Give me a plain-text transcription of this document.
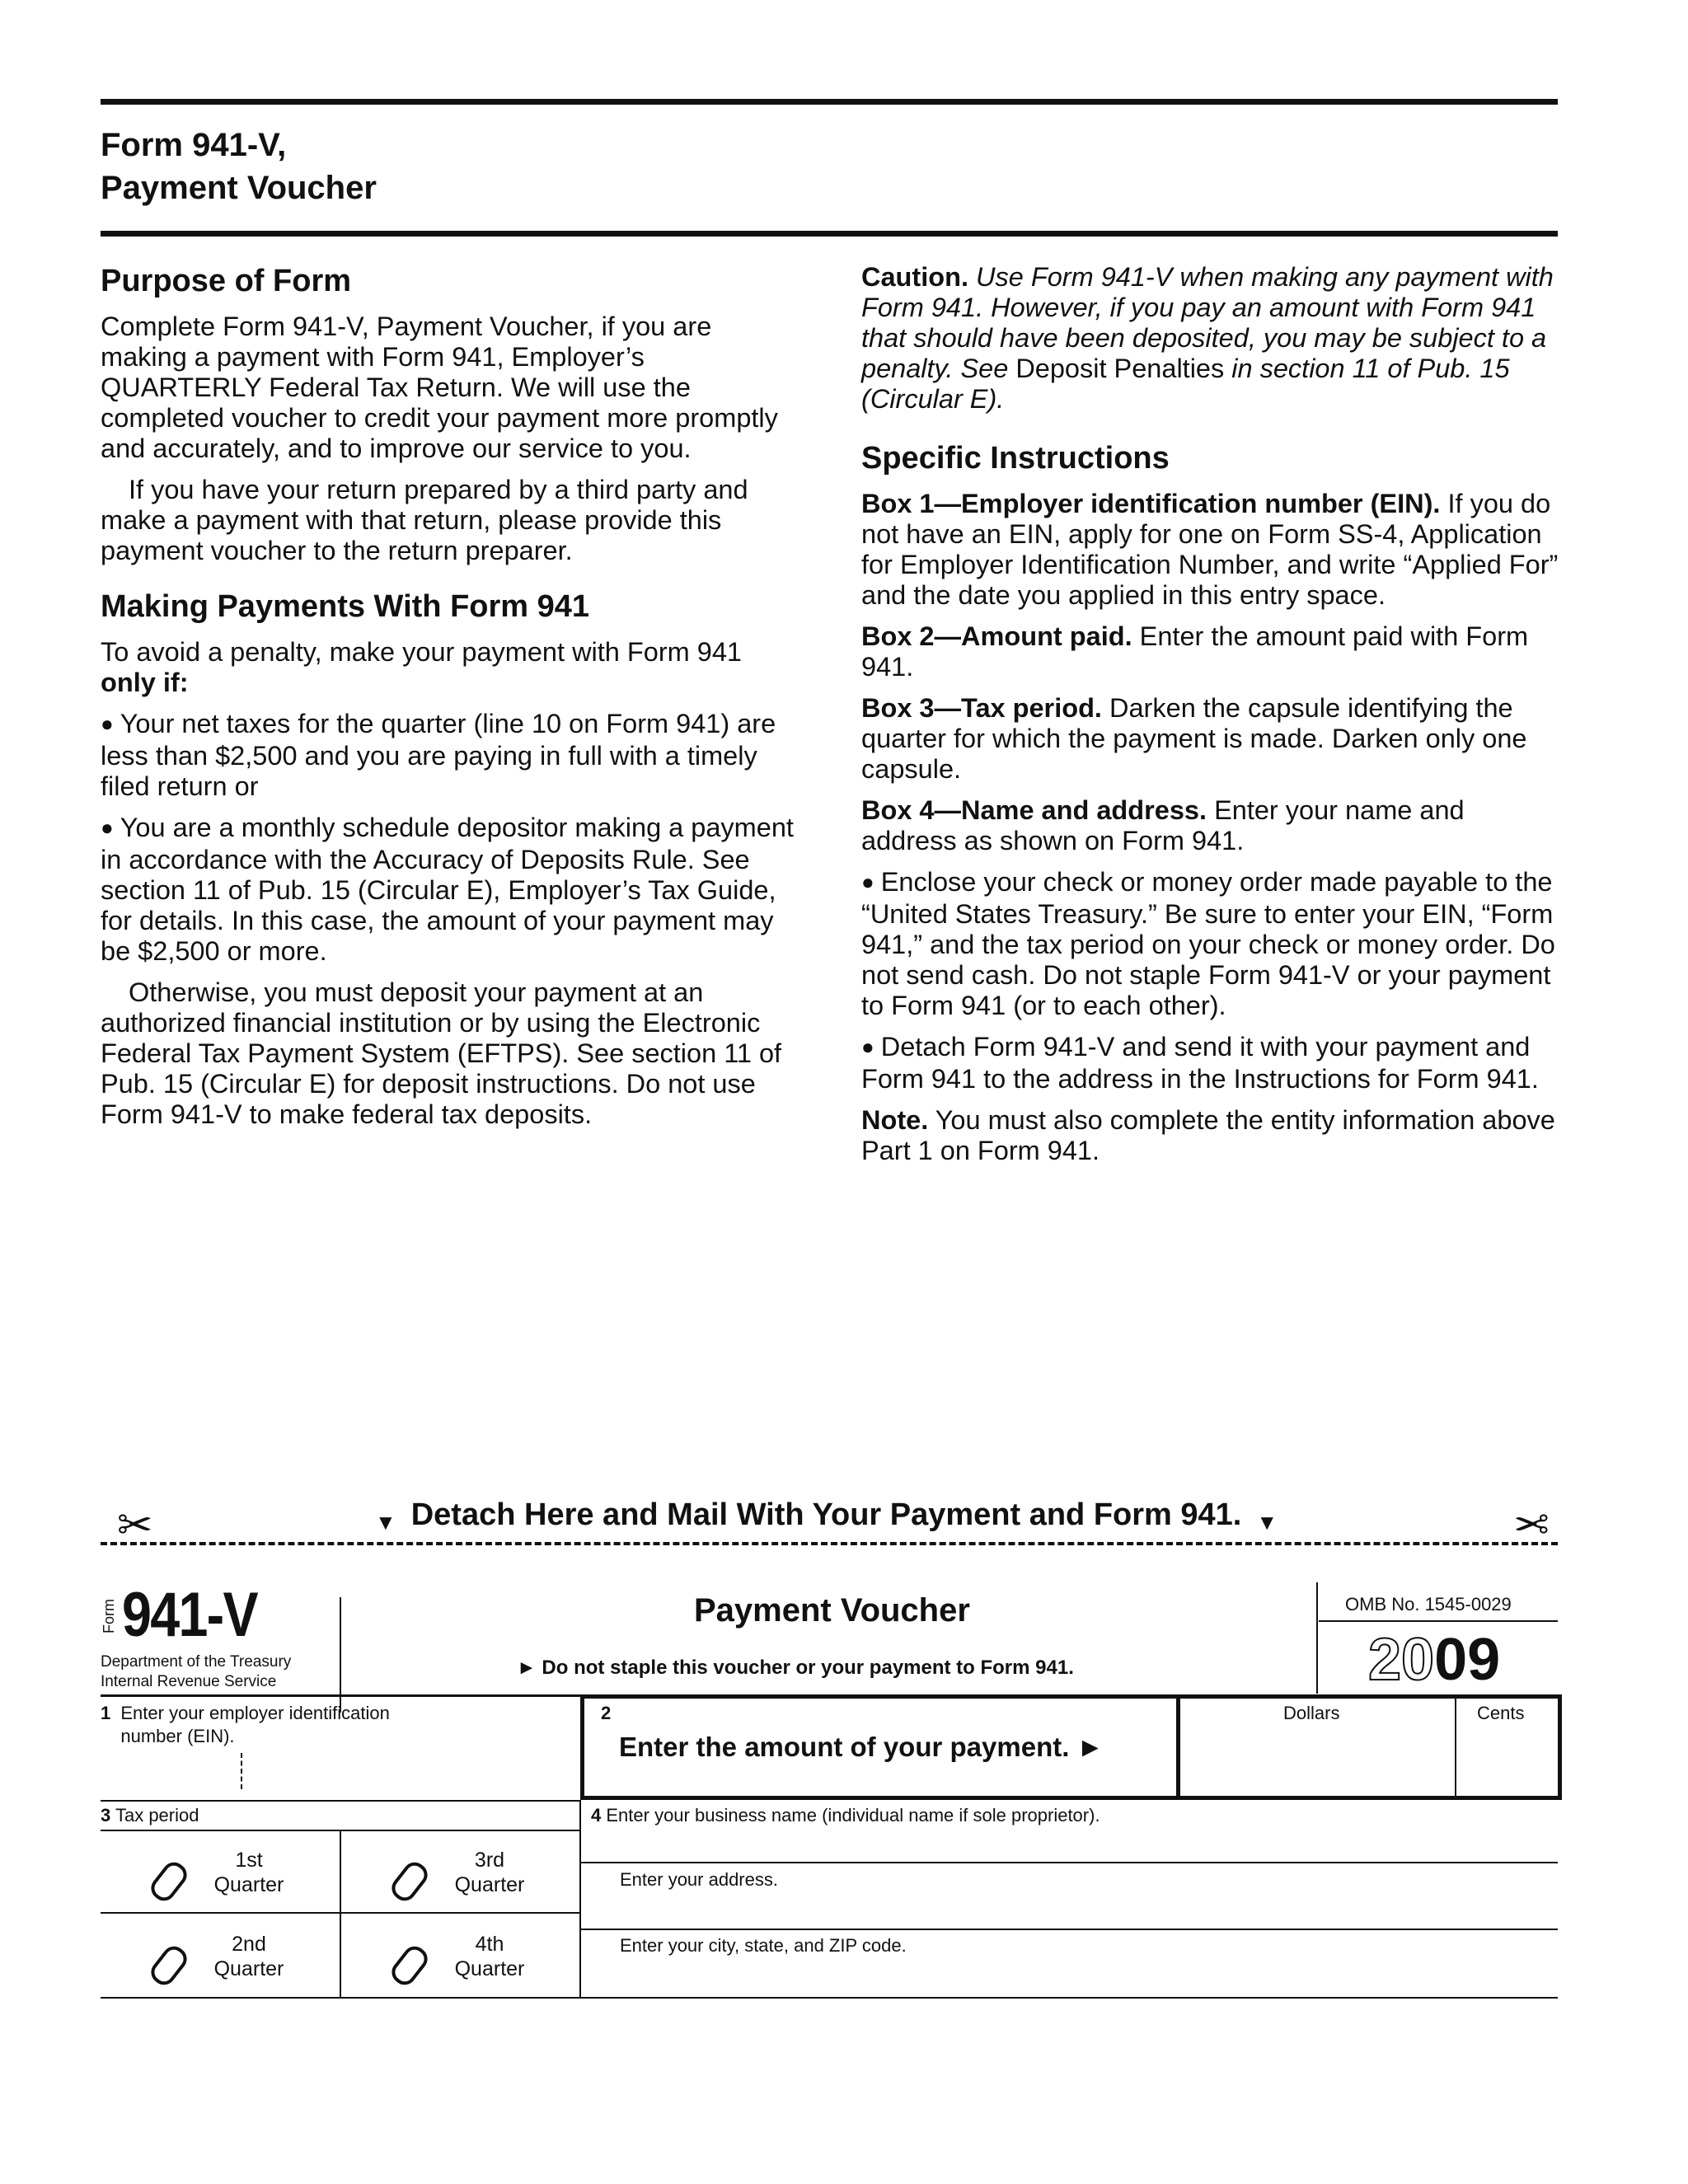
Form 941-V,
Payment Voucher
Purpose of Form

Complete Form 941-V, Payment Voucher, if you are making a payment with Form 941, Employer’s QUARTERLY Federal Tax Return. We will use the completed voucher to credit your payment more promptly and accurately, and to improve our service to you.

If you have your return prepared by a third party and make a payment with that return, please provide this payment voucher to the return preparer.

Making Payments With Form 941

To avoid a penalty, make your payment with Form 941 only if:

● Your net taxes for the quarter (line 10 on Form 941) are less than $2,500 and you are paying in full with a timely filed return or

● You are a monthly schedule depositor making a payment in accordance with the Accuracy of Deposits Rule. See section 11 of Pub. 15 (Circular E), Employer’s Tax Guide, for details. In this case, the amount of your payment may be $2,500 or more.

Otherwise, you must deposit your payment at an authorized financial institution or by using the Electronic Federal Tax Payment System (EFTPS). See section 11 of Pub. 15 (Circular E) for deposit instructions. Do not use Form 941-V to make federal tax deposits.

Caution. Use Form 941-V when making any payment with Form 941. However, if you pay an amount with Form 941 that should have been deposited, you may be subject to a penalty. See Deposit Penalties in section 11 of Pub. 15 (Circular E).

Specific Instructions

Box 1—Employer identification number (EIN). If you do not have an EIN, apply for one on Form SS-4, Application for Employer Identification Number, and write “Applied For” and the date you applied in this entry space.

Box 2—Amount paid. Enter the amount paid with Form 941.

Box 3—Tax period. Darken the capsule identifying the quarter for which the payment is made. Darken only one capsule.

Box 4—Name and address. Enter your name and address as shown on Form 941.

● Enclose your check or money order made payable to the “United States Treasury.” Be sure to enter your EIN, “Form 941,” and the tax period on your check or money order. Do not send cash. Do not staple Form 941-V or your payment to Form 941 (or to each other).

● Detach Form 941-V and send it with your payment and Form 941 to the address in the Instructions for Form 941.

Note. You must also complete the entity information above Part 1 on Form 941.

✂	▼ Detach Here and Mail With Your Payment and Form 941. ▼	✂
Form 941-V
Department of the Treasury
Internal Revenue Service
Payment Voucher
► Do not staple this voucher or your payment to Form 941.
OMB No. 1545-0029
2009
1 Enter your employer identification number (EIN).
2
Enter the amount of your payment. ►
Dollars	Cents
3 Tax period
1st
Quarter
3rd
Quarter
2nd
Quarter
4th
Quarter
4 Enter your business name (individual name if sole proprietor).
Enter your address.
Enter your city, state, and ZIP code.
